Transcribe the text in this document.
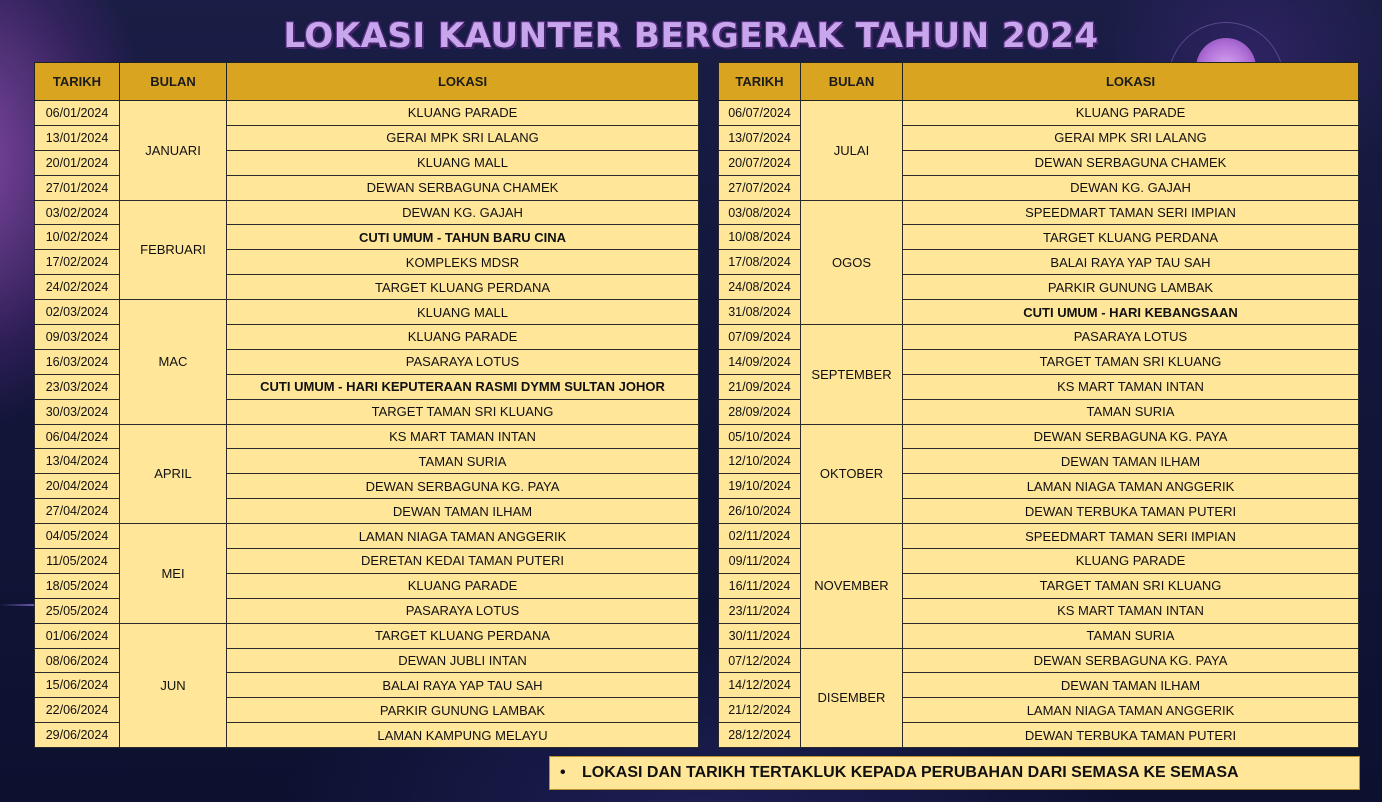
LOKASI KAUNTER BERGERAK TAHUN 2024
TARIKH	BULAN	LOKASI
06/01/2024	JANUARI	KLUANG PARADE
13/01/2024		GERAI MPK SRI LALANG
20/01/2024		KLUANG MALL
27/01/2024		DEWAN SERBAGUNA CHAMEK
03/02/2024	FEBRUARI	DEWAN KG. GAJAH
10/02/2024		CUTI UMUM - TAHUN BARU CINA
17/02/2024		KOMPLEKS MDSR
24/02/2024		TARGET KLUANG PERDANA
02/03/2024	MAC	KLUANG MALL
09/03/2024		KLUANG PARADE
16/03/2024		PASARAYA LOTUS
23/03/2024		CUTI UMUM - HARI KEPUTERAAN RASMI DYMM SULTAN JOHOR
30/03/2024		TARGET TAMAN SRI KLUANG
06/04/2024	APRIL	KS MART TAMAN INTAN
13/04/2024		TAMAN SURIA
20/04/2024		DEWAN SERBAGUNA KG. PAYA
27/04/2024		DEWAN TAMAN ILHAM
04/05/2024	MEI	LAMAN NIAGA TAMAN ANGGERIK
11/05/2024		DERETAN KEDAI TAMAN PUTERI
18/05/2024		KLUANG PARADE
25/05/2024		PASARAYA LOTUS
01/06/2024	JUN	TARGET KLUANG PERDANA
08/06/2024		DEWAN JUBLI INTAN
15/06/2024		BALAI RAYA YAP TAU SAH
22/06/2024		PARKIR GUNUNG LAMBAK
29/06/2024		LAMAN KAMPUNG MELAYU
TARIKH	BULAN	LOKASI
06/07/2024	JULAI	KLUANG PARADE
13/07/2024		GERAI MPK SRI LALANG
20/07/2024		DEWAN SERBAGUNA CHAMEK
27/07/2024		DEWAN KG. GAJAH
03/08/2024	OGOS	SPEEDMART TAMAN SERI IMPIAN
10/08/2024		TARGET KLUANG PERDANA
17/08/2024		BALAI RAYA YAP TAU SAH
24/08/2024		PARKIR GUNUNG LAMBAK
31/08/2024		CUTI UMUM - HARI KEBANGSAAN
07/09/2024	SEPTEMBER	PASARAYA LOTUS
14/09/2024		TARGET TAMAN SRI KLUANG
21/09/2024		KS MART TAMAN INTAN
28/09/2024		TAMAN SURIA
05/10/2024	OKTOBER	DEWAN SERBAGUNA KG. PAYA
12/10/2024		DEWAN TAMAN ILHAM
19/10/2024		LAMAN NIAGA TAMAN ANGGERIK
26/10/2024		DEWAN TERBUKA TAMAN PUTERI
02/11/2024	NOVEMBER	SPEEDMART TAMAN SERI IMPIAN
09/11/2024		KLUANG PARADE
16/11/2024		TARGET TAMAN SRI KLUANG
23/11/2024		KS MART TAMAN INTAN
30/11/2024		TAMAN SURIA
07/12/2024	DISEMBER	DEWAN SERBAGUNA KG. PAYA
14/12/2024		DEWAN TAMAN ILHAM
21/12/2024		LAMAN NIAGA TAMAN ANGGERIK
28/12/2024		DEWAN TERBUKA TAMAN PUTERI
• LOKASI DAN TARIKH TERTAKLUK KEPADA PERUBAHAN DARI SEMASA KE SEMASA
